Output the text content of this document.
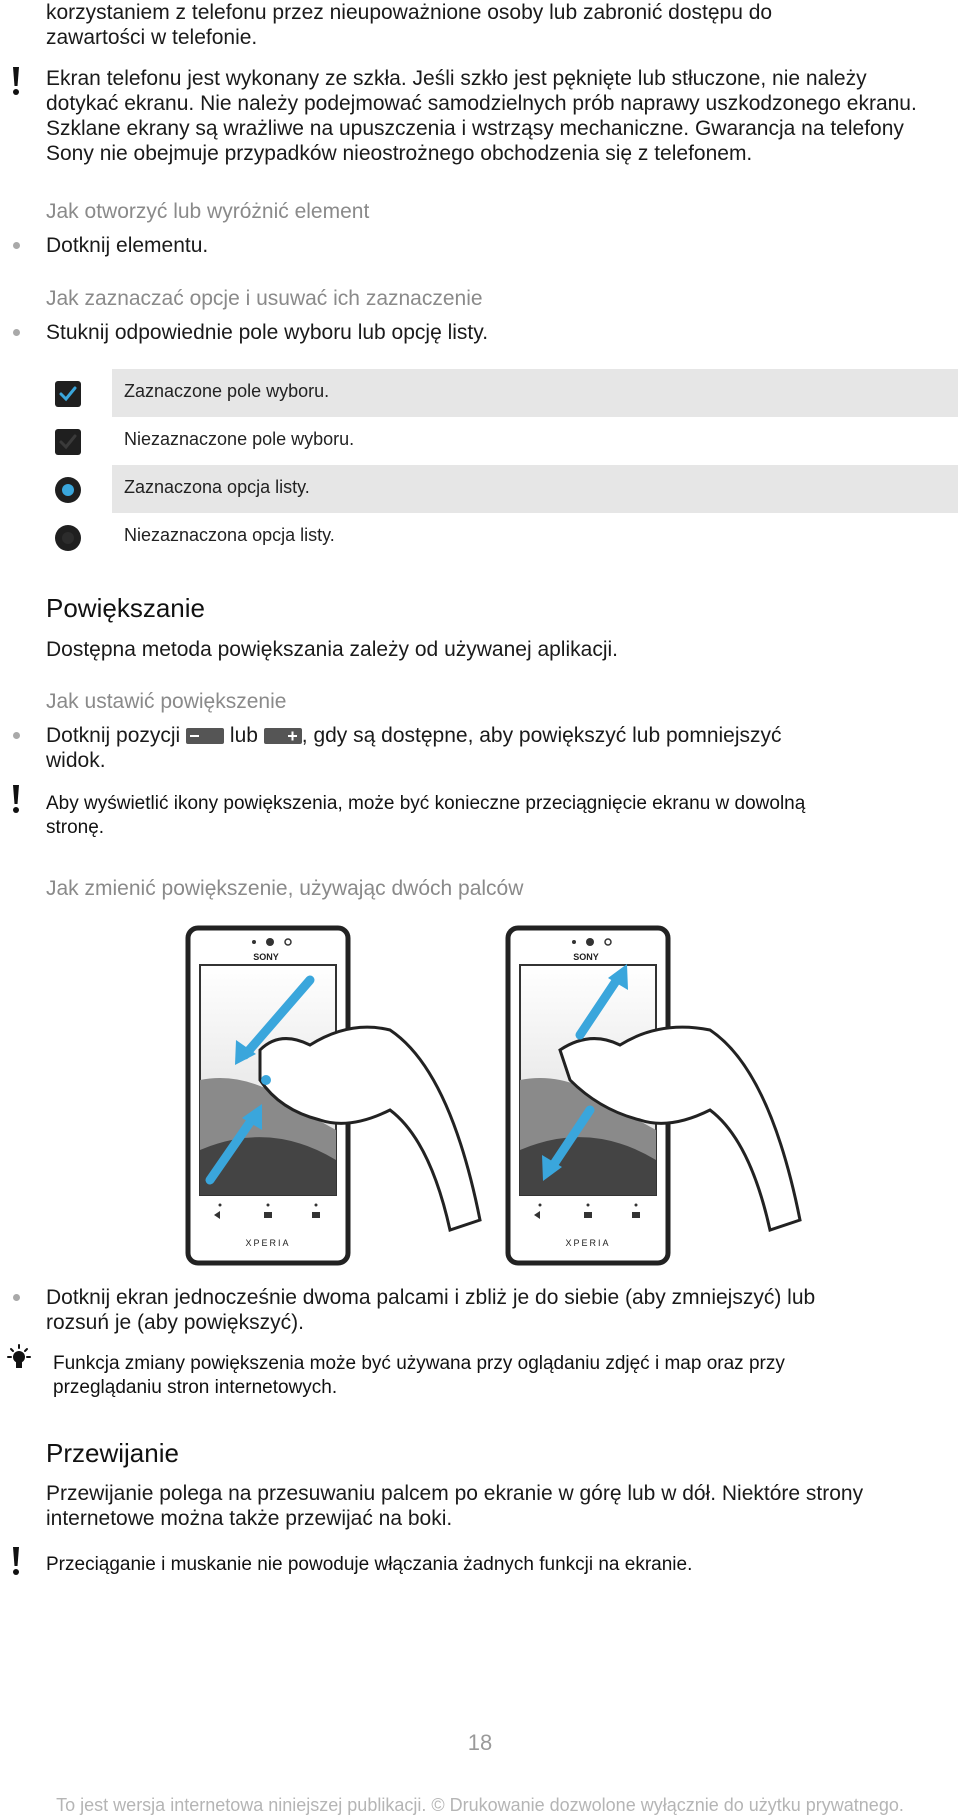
korzystaniem z telefonu przez nieupoważnione osoby lub zabronić dostępu do
zawartości w telefonie.
Ekran telefonu jest wykonany ze szkła. Jeśli szkło jest pęknięte lub stłuczone, nie należy
dotykać ekranu. Nie należy podejmować samodzielnych prób naprawy uszkodzonego ekranu.
Szklane ekrany są wrażliwe na upuszczenia i wstrząsy mechaniczne. Gwarancja na telefony
Sony nie obejmuje przypadków nieostrożnego obchodzenia się z telefonem.
Jak otworzyć lub wyróżnić element
Dotknij elementu.
Jak zaznaczać opcje i usuwać ich zaznaczenie
Stuknij odpowiednie pole wyboru lub opcję listy.
Zaznaczone pole wyboru.
Niezaznaczone pole wyboru.
Zaznaczona opcja listy.
Niezaznaczona opcja listy.
Powiększanie
Dostępna metoda powiększania zależy od używanej aplikacji.
Jak ustawić powiększenie
Dotknij pozycji lub , gdy są dostępne, aby powiększyć lub pomniejszyć
widok.
Aby wyświetlić ikony powiększenia, może być konieczne przeciągnięcie ekranu w dowolną
stronę.
Jak zmienić powiększenie, używając dwóch palców
SONY
XPERIA
SONY
XPERIA
Dotknij ekran jednocześnie dwoma palcami i zbliż je do siebie (aby zmniejszyć) lub
rozsuń je (aby powiększyć).
Funkcja zmiany powiększenia może być używana przy oglądaniu zdjęć i map oraz przy
przeglądaniu stron internetowych.
Przewijanie
Przewijanie polega na przesuwaniu palcem po ekranie w górę lub w dół. Niektóre strony
internetowe można także przewijać na boki.
Przeciąganie i muskanie nie powoduje włączania żadnych funkcji na ekranie.
18
To jest wersja internetowa niniejszej publikacji. © Drukowanie dozwolone wyłącznie do użytku prywatnego.
